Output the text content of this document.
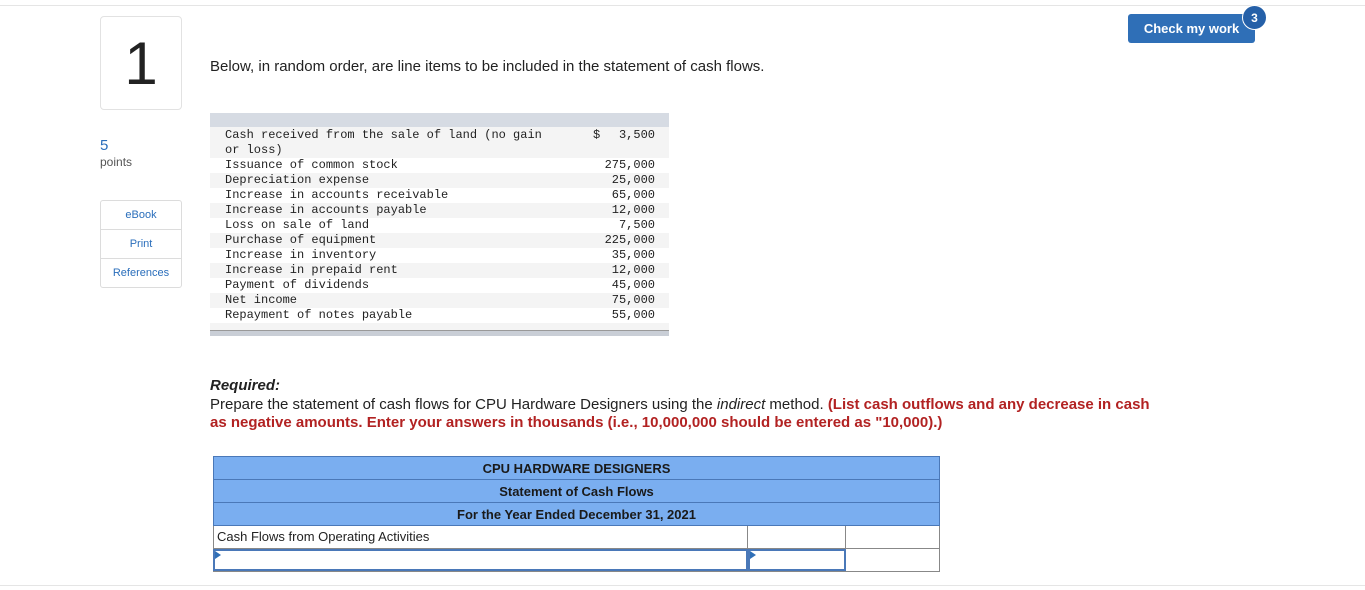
1
5
points
eBook
Print
References
Check my work
3
Below, in random order, are line items to be included in the statement of cash flows.
Cash received from the sale of land (no gain
or loss)
$ 3,500
Issuance of common stock	275,000
Depreciation expense	25,000
Increase in accounts receivable	65,000
Increase in accounts payable	12,000
Loss on sale of land	7,500
Purchase of equipment	225,000
Increase in inventory	35,000
Increase in prepaid rent	12,000
Payment of dividends	45,000
Net income	75,000
Repayment of notes payable	55,000
Required:
Prepare the statement of cash flows for CPU Hardware Designers using the indirect method. (List cash outflows and any decrease in cash as negative amounts. Enter your answers in thousands (i.e., 10,000,000 should be entered as "10,000).)
CPU HARDWARE DESIGNERS
Statement of Cash Flows
For the Year Ended December 31, 2021
Cash Flows from Operating Activities
